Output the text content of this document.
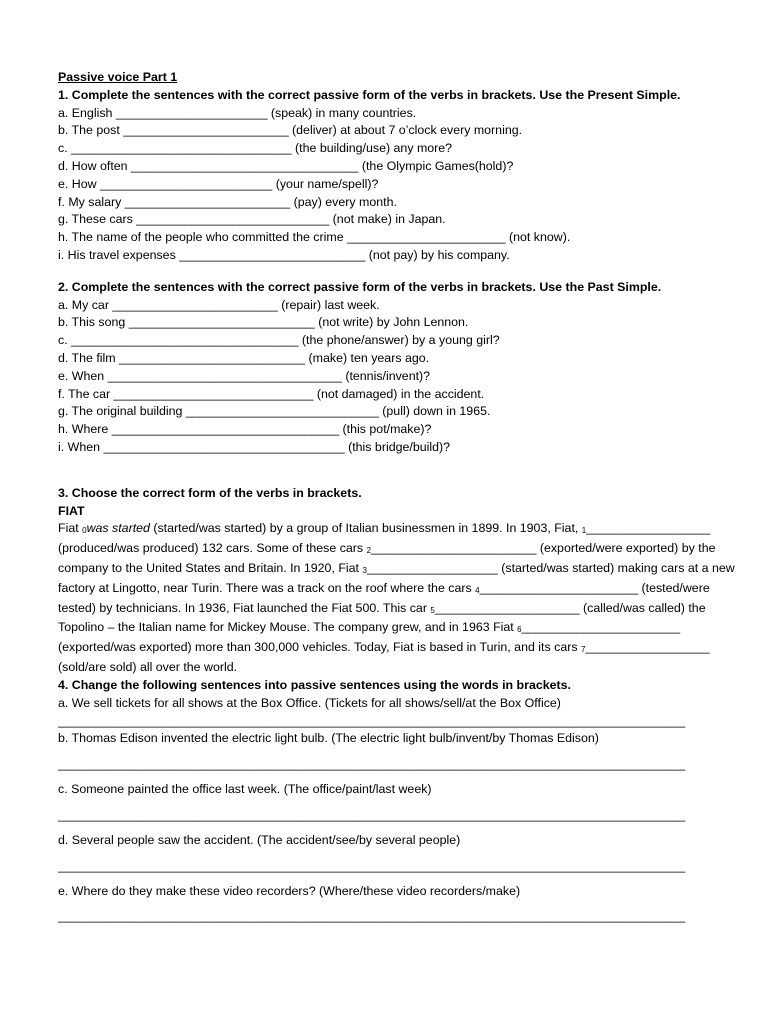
Passive voice Part 1
1. Complete the sentences with the correct passive form of the verbs in brackets. Use the Present Simple.
a. English ______________________ (speak) in many countries.
b. The post ________________________ (deliver) at about 7 o’clock every morning.
c. ________________________________ (the building/use) any more?
d. How often _________________________________ (the Olympic Games(hold)?
e. How _________________________ (your name/spell)?
f. My salary ________________________ (pay) every month.
g. These cars ____________________________ (not make) in Japan.
h. The name of the people who committed the crime _______________________ (not know).
i. His travel expenses ___________________________ (not pay) by his company.
2. Complete the sentences with the correct passive form of the verbs in brackets. Use the Past Simple.
a. My car ________________________ (repair) last week.
b. This song ___________________________ (not write) by John Lennon.
c. _________________________________ (the phone/answer) by a young girl?
d. The film ___________________________ (make) ten years ago.
e. When __________________________________ (tennis/invent)?
f. The car _____________________________ (not damaged) in the accident.
g. The original building ____________________________ (pull) down in 1965.
h. Where _________________________________ (this pot/make)?
i. When ___________________________________ (this bridge/build)?
3. Choose the correct form of the verbs in brackets.
FIAT
Fiat 0was started (started/was started) by a group of Italian businessmen in 1899. In 1903, Fiat, 1__________________ (produced/was produced) 132 cars. Some of these cars 2________________________ (exported/were exported) by the company to the United States and Britain. In 1920, Fiat 3___________________ (started/was started) making cars at a new factory at Lingotto, near Turin. There was a track on the roof where the cars 4_______________________ (tested/were tested) by technicians. In 1936, Fiat launched the Fiat 500. This car 5_____________________ (called/was called) the Topolino – the Italian name for Mickey Mouse. The company grew, and in 1963 Fiat 6_______________________ (exported/was exported) more than 300,000 vehicles. Today, Fiat is based in Turin, and its cars 7__________________ (sold/are sold) all over the world.
4. Change the following sentences into passive sentences using the words in brackets.
a. We sell tickets for all shows at the Box Office. (Tickets for all shows/sell/at the Box Office)
___________________________________________________________________________________________
b. Thomas Edison invented the electric light bulb. (The electric light bulb/invent/by Thomas Edison)
___________________________________________________________________________________________
c. Someone painted the office last week. (The office/paint/last week)
___________________________________________________________________________________________
d. Several people saw the accident. (The accident/see/by several people)
___________________________________________________________________________________________
e. Where do they make these video recorders? (Where/these video recorders/make)
___________________________________________________________________________________________
